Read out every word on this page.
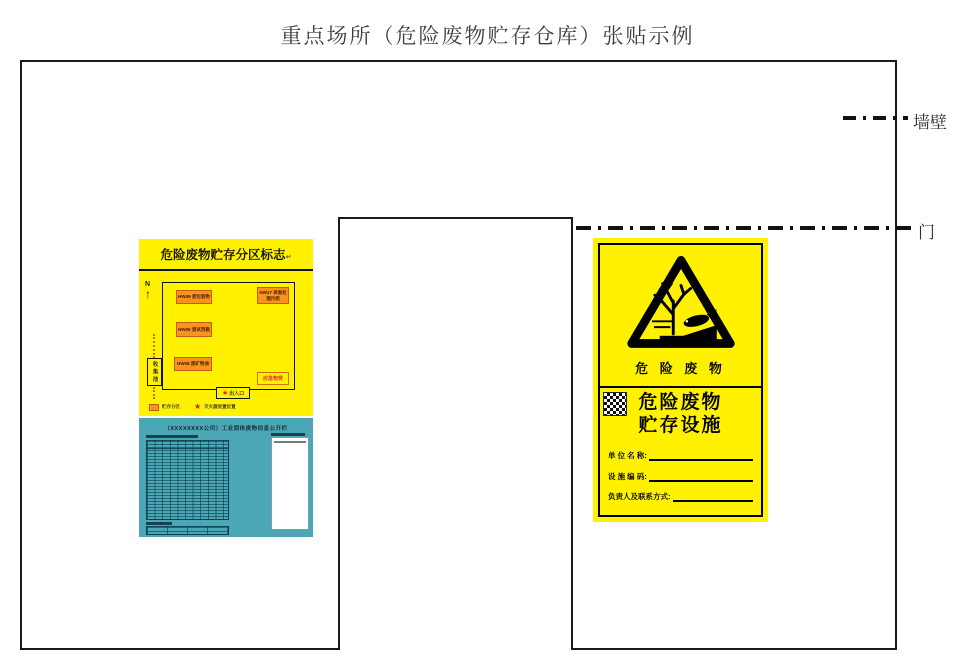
重点场所（危险废物贮存仓库）张贴示例
墙壁
门
危险废物贮存分区标志↵
N
↑	HW49 废包装物
HW17 表面处理污泥
HW06 废试剂瓶
HW08 废矿物油
应急物资
收集池
★ 出入口
贮存分区 ★ 灭火器放置位置
（XXXXXXXX公司）工业固体废物信息公开栏
危 险 废 物
危险废物
贮存设施
单 位 名 称:
设 施 编 码:
负责人及联系方式:
